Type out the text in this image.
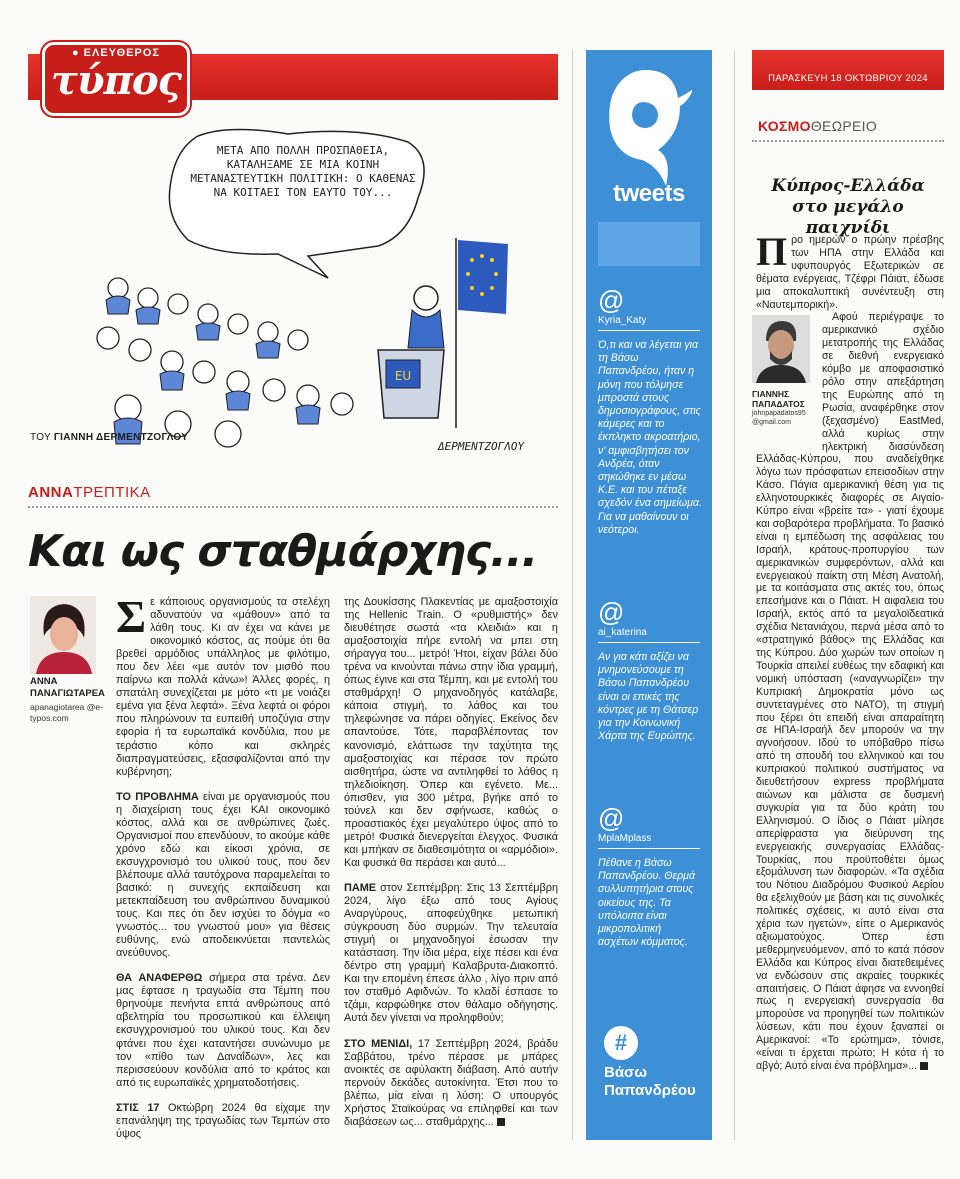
● ΕΛΕΥΘΕΡΟΣ
τύπος
ΜΕΤΑ ΑΠΟ ΠΟΛΛΗ ΠΡΟΣΠΑΘΕΙΑ, ΚΑΤΑΛΗΞΑΜΕ ΣΕ ΜΙΑ ΚΟΙΝΗ ΜΕΤΑΝΑΣΤΕΥΤΙΚΗ ΠΟΛΙΤΙΚΗ: Ο ΚΑΘΕΝΑΣ ΝΑ ΚΟΙΤΑΕΙ ΤΟΝ ΕΑΥΤΟ ΤΟΥ...
EU
ΔΕΡΜΕΝΤΖΟΓΛΟΥ
ΤΟΥ ΓΙΑΝΝΗ ΔΕΡΜΕΝΤΖΟΓΛΟΥ
ΑΝΝΑΤΡΕΠΤΙΚΑ
Και ως σταθμάρχης...
ΑΝΝΑ ΠΑΝΑΓΙΩΤΑΡΕΑ
apanagiotarea @e-typos.com

Σε κάποιους οργανισμούς τα στελέχη αδυνατούν να «μάθουν» από τα λάθη τους. Κι αν έχει να κάνει με οικονομικό κόστος, ας πούμε ότι θα βρεθεί αρμόδιος υπάλληλος με φιλότιμο, που δεν λέει «με αυτόν τον μισθό που παίρνω και πολλά κάνω»! Άλλες φορές, η σπατάλη συνεχίζεται με μότο «τι με νοιάζει εμένα για ξένα λεφτά». Ξένα λεφτά οι φόροι που πληρώνουν τα ευπειθή υποζύγια στην εφορία ή τα ευρωπαϊκά κονδύλια, που με τεράστιο κόπο και σκληρές διαπραγματεύσεις, εξασφαλίζονται από την κυβέρνηση;

ΤΟ ΠΡΟΒΛΗΜΑ είναι με οργανισμούς που η διαχείριση τους έχει ΚΑΙ οικονομικό κόστος, αλλά και σε ανθρώπινες ζωές. Οργανισμοί που επενδύουν, το ακούμε κάθε χρόνο εδώ και είκοσι χρόνια, σε εκσυγχρονισμό του υλικού τους, που δεν βλέπουμε αλλά ταυτόχρονα παραμελείται το βασικό: η συνεχής εκπαίδευση και μετεκπαίδευση του ανθρώπινου δυναμικού τους. Και πες ότι δεν ισχύει το δόγμα «ο γνωστός... του γνωστού μου» για θέσεις ευθύνης, ενώ αποδεικνύεται παντελώς ανεύθυνος.

ΘΑ ΑΝΑΦΕΡΘΩ σήμερα στα τρένα. Δεν μας έφτασε η τραγωδία στα Τέμπη που θρηνούμε πενήντα επτά ανθρώπους από αβελτηρία του προσωπικού και έλλειψη εκσυγχρονισμού του υλικού τους. Και δεν φτάνει που έχει καταντήσει συνώνυμο με τον «πίθο των Δαναΐδων», λες και περισσεύουν κονδύλια από το κράτος και από τις ευρωπαϊκές χρηματοδοτήσεις.

ΣΤΙΣ 17 Οκτώβρη 2024 θα είχαμε την επανάληψη της τραγωδίας των Τεμπών στο ύψος

της Δουκίσσης Πλακεντίας με αμαξοστοιχία της Hellenic Train. Ο «ρυθμιστής» δεν διευθέτησε σωστά «τα κλειδιά» και η αμαξοστοιχία πήρε εντολή να μπει στη σήραγγα του... μετρό! Ήτοι, είχαν βάλει δύο τρένα να κινούνται πάνω στην ίδια γραμμή, όπως έγινε και στα Τέμπη, και με εντολή του σταθμάρχη! Ο μηχανοδηγός κατάλαβε, κάποια στιγμή, το λάθος και του τηλεφώνησε να πάρει οδηγίες. Εκείνος δεν απαντούσε. Τότε, παραβλέποντας τον κανονισμό, ελάττωσε την ταχύτητα της αμαξοστοιχίας και πέρασε τον πρώτο αισθητήρα, ώστε να αντιληφθεί το λάθος η τηλεδιοίκηση. Όπερ και εγένετο. Με... όπισθεν, για 300 μέτρα, βγήκε από το τούνελ και δεν σφήνωσε, καθώς ο προαστιακός έχει μεγαλύτερο ύψος από το μετρό! Φυσικά διενεργείται έλεγχος. Φυσικά και μπήκαν σε διαθεσιμότητα οι «αρμόδιοι». Και φυσικά θα περάσει και αυτό...

ΠΑΜΕ στον Σεπτέμβρη: Στις 13 Σεπτέμβρη 2024, λίγο έξω από τους Αγίους Αναργύρους, αποφεύχθηκε μετωπική σύγκρουση δύο συρμών. Την τελευταία στιγμή οι μηχανοδηγοί έσωσαν την κατάσταση. Την ίδια μέρα, είχε πέσει και ένα δέντρο στη γραμμή Καλαβρυτα-Διακοπτό. Και την επομένη έπεσε άλλο , λίγο πριν από τον σταθμό Αφιδνών. Το κλαδί έσπασε το τζάμι, καρφώθηκε στον θάλαμο οδήγησης. Αυτά δεν γίνεται να προληφθούν;

ΣΤΟ ΜΕΝΙΔΙ, 17 Σεπτέμβρη 2024, βράδυ Σαββάτου, τρένο πέρασε με μπάρες ανοικτές σε αφύλακτη διάβαση. Από αυτήν περνούν δεκάδες αυτοκίνητα. Έτσι που το βλέπω, μία είναι η λύση: Ο υπουργός Χρήστος Σταϊκούρας να επιληφθεί και των διαβάσεων ως... σταθμάρχης...

tweets
@
Kyria_Katy
Ό,τι και να λέγεται για τη Βάσω Παπανδρέου, ήταν η μόνη που τόλμησε μπροστά στους δημοσιογράφους, στις κάμερες και το έκπληκτο ακροατήριο, ν' αμφισβητήσει τον Ανδρέα, όταν σηκώθηκε εν μέσω Κ.Ε. και του πέταξε σχεδόν ένα σημείωμα. Για να μαθαίνουν οι νεότεροι.
@
ai_katerina
Αν για κάτι αξίζει να μνημονεύσουμε τη Βάσω Παπανδρέου είναι οι επικές της κόντρες με τη Θάτσερ για την Κοινωνική Χάρτα της Ευρώπης.
@
MplaMplass
Πέθανε η Βάσω Παπανδρέου. Θερμά συλλυπητήρια στους οικείους της. Τα υπόλοιπα είναι μικροπολιτική ασχέτων κόμματος.
#
Βάσω Παπανδρέου
ΠΑΡΑΣΚΕΥΗ 18 ΟΚΤΩΒΡΙΟΥ 2024
ΚΟΣΜΟΘΕΩΡΕΙΟ
Κύπρος-Ελλάδα στο μεγάλο παιχνίδι

Προ ημερών ο πρώην πρέσβης των ΗΠΑ στην Ελλάδα και υφυπουργός Εξωτερικών σε θέματα ενέργειας, Τζέφρι Πάιατ, έδωσε μια αποκαλυπτική συνέντευξη στη «Ναυτεμπορική».

ΓΙΑΝΝΗΣ ΠΑΠΑΔΑΤΟΣ
johnpapadatos95 @gmail.com

Αφού περιέγραψε το αμερικανικό σχέδιο μετατροπής της Ελλάδας σε διεθνή ενεργειακό κόμβο με αποφασιστικό ρόλο στην απεξάρτηση της Ευρώπης από τη Ρωσία, αναφέρθηκε στον (ξεχασμένο) EastMed, αλλά κυρίως στην ηλεκτρική διασύνδεση Ελλάδας-Κύπρου, που αναδείχθηκε λόγω των πρόσφατων επεισοδίων στην Κάσο. Πάγια αμερικανική θέση για τις ελληνοτουρκικές διαφορές σε Αιγαίο-Κύπρο είναι «βρείτε τα» - γιατί έχουμε και σοβαρότερα προβλήματα. Το βασικό είναι η εμπέδωση της ασφάλειας του Ισραήλ, κράτους-προπυργίου των αμερικανικών συμφερόντων, αλλά και ενεργειακού παίκτη στη Μέση Ανατολή, με τα κοιτάσματα στις ακτές του, όπως επεσήμανε και ο Πάιατ. Η αιφαλεια του Ισραήλ, εκτός από τα μεγαλοϊδεατικά σχέδια Νετανιάχου, περνά μέσα από το «στρατηγικό βάθος» της Ελλάδας και της Κύπρου. Δύο χωρών των οποίων η Τουρκία απειλεί ευθέως την εδαφική και νομική υπόσταση («αναγνωρίζει» την Κυπριακή Δημοκρατία μόνο ως συντεταγμένες στο ΝΑΤΟ), τη στιγμή που ξέρει ότι επειδή είναι απαραίτητη σε ΗΠΑ-Ισραήλ δεν μπορούν να την αγνοήσουν. Ιδού το υπόβαθρο πίσω από τη σπουδή του ελληνικού και του κυπριακού πολιτικού συστήματος να διευθετήσουν express προβλήματα αιώνων και μάλιστα σε δυσμενή συγκυρία για τα δύο κράτη του Ελληνισμού. Ο ίδιος ο Πάιατ μίλησε απερίφραστα για διεύρυνση της ενεργειακής συνεργασίας Ελλάδας-Τουρκίας, που προϋποθέτει όμως εξομάλυνση των διαφορών. «Τα σχέδια του Νότιου Διαδρόμου Φυσικού Αερίου θα εξελιχθούν με βάση και τις συνολικές πολιτικές σχέσεις, κι αυτό είναι στα χέρια των ηγετών», είπε ο Αμερικανός αξιωματούχος. Όπερ έστι μεθερμηνευόμενον, από το κατά πόσον Ελλάδα και Κύπρος είναι διατεθειμένες να ενδώσουν στις ακραίες τουρκικές απαιτήσεις. Ο Πάιατ άφησε να εννοηθεί πως η ενεργειακή συνεργασία θα μπορούσε να προηγηθεί των πολιτικών λύσεων, κάτι που έχουν ξαναπεί οι Αμερικανοί: «Το ερώτημα», τόνισε, «είναι τι έρχεται πρώτο; Η κότα ή το αβγό; Αυτό είναι ένα πρόβλημα»...
